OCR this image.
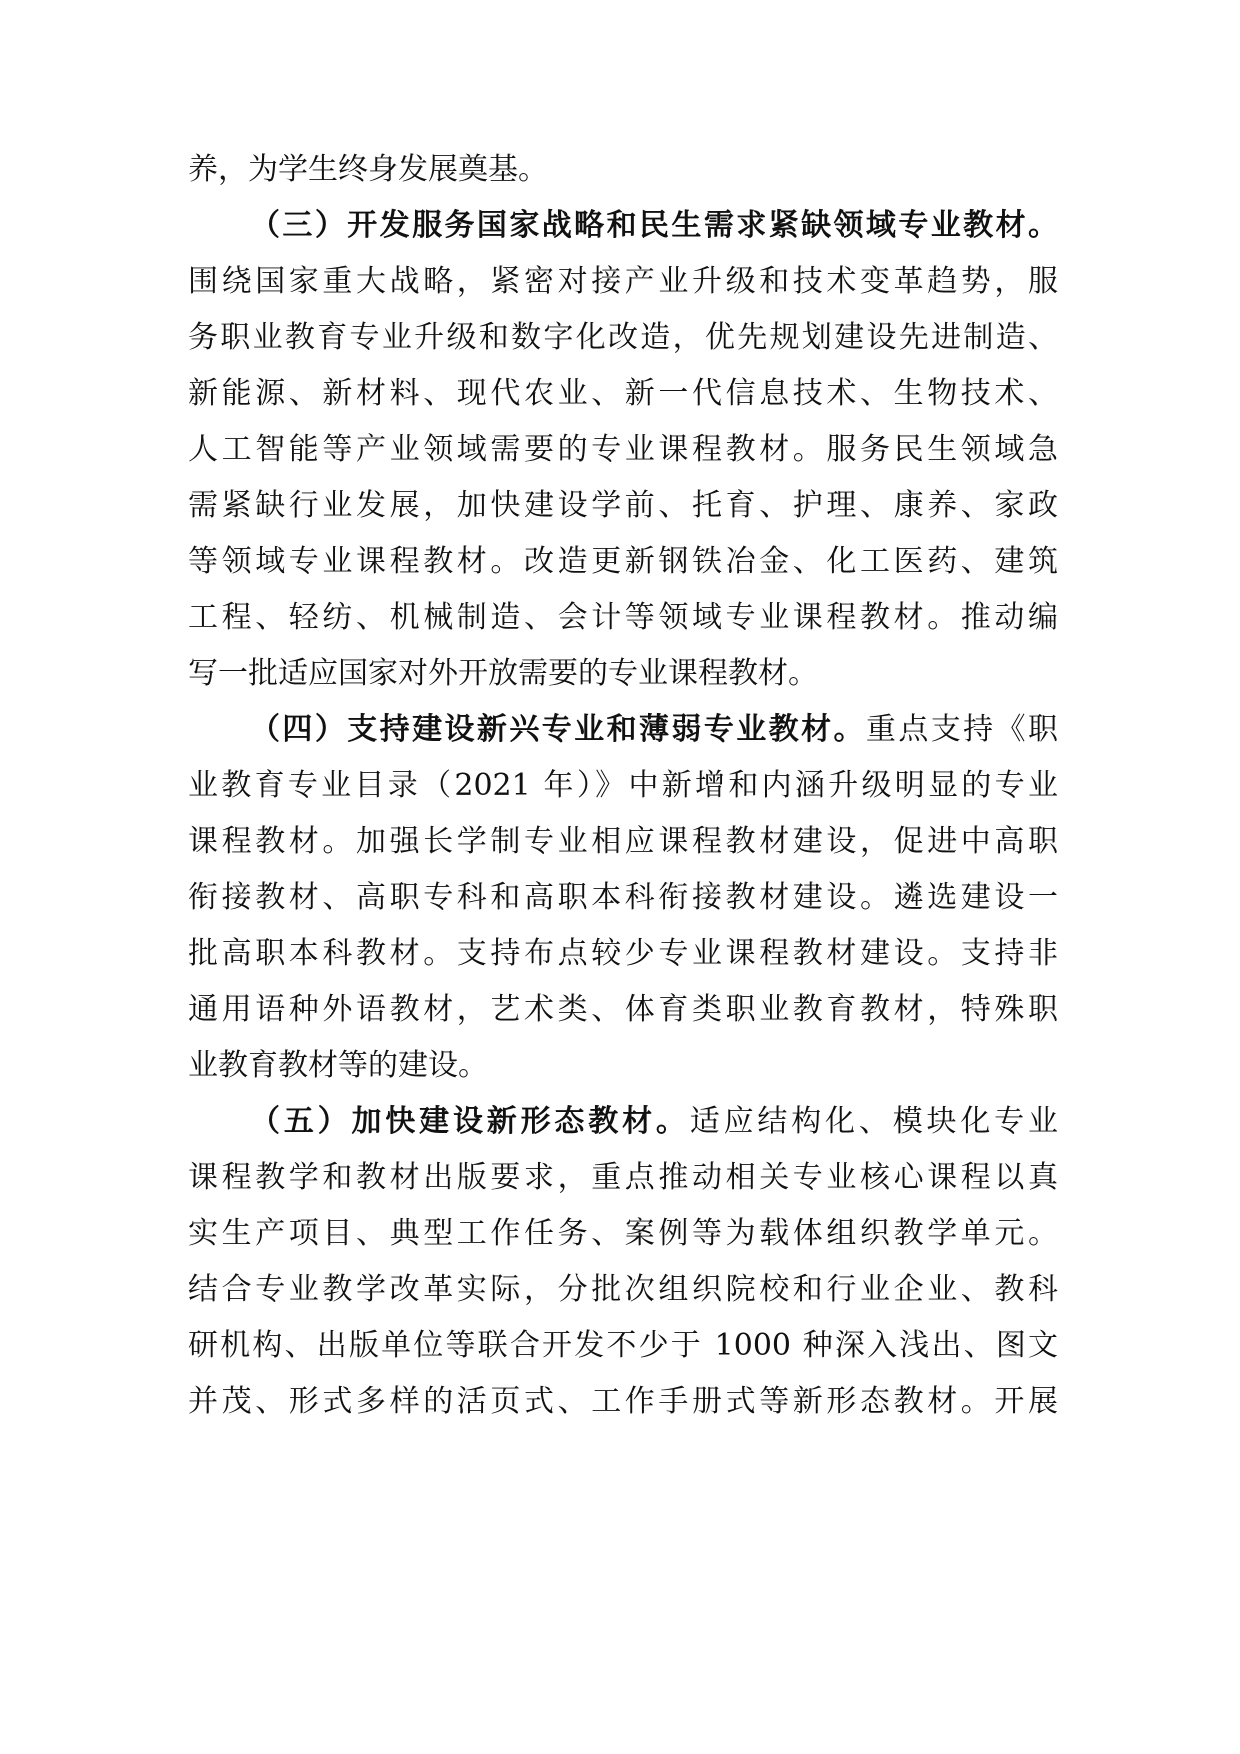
养，为学生终身发展奠基。
（三）开发服务国家战略和民生需求紧缺领域专业教材。
围绕国家重大战略，紧密对接产业升级和技术变革趋势，服
务职业教育专业升级和数字化改造，优先规划建设先进制造、
新能源、新材料、现代农业、新一代信息技术、生物技术、
人工智能等产业领域需要的专业课程教材。服务民生领域急
需紧缺行业发展，加快建设学前、托育、护理、康养、家政
等领域专业课程教材。改造更新钢铁冶金、化工医药、建筑
工程、轻纺、机械制造、会计等领域专业课程教材。推动编
写一批适应国家对外开放需要的专业课程教材。
（四）支持建设新兴专业和薄弱专业教材。重点支持《职
业教育专业目录（2021 年）》中新增和内涵升级明显的专业
课程教材。加强长学制专业相应课程教材建设，促进中高职
衔接教材、高职专科和高职本科衔接教材建设。遴选建设一
批高职本科教材。支持布点较少专业课程教材建设。支持非
通用语种外语教材，艺术类、体育类职业教育教材，特殊职
业教育教材等的建设。
（五）加快建设新形态教材。适应结构化、模块化专业
课程教学和教材出版要求，重点推动相关专业核心课程以真
实生产项目、典型工作任务、案例等为载体组织教学单元。
结合专业教学改革实际，分批次组织院校和行业企业、教科
研机构、出版单位等联合开发不少于 1000 种深入浅出、图文
并茂、形式多样的活页式、工作手册式等新形态教材。开展
